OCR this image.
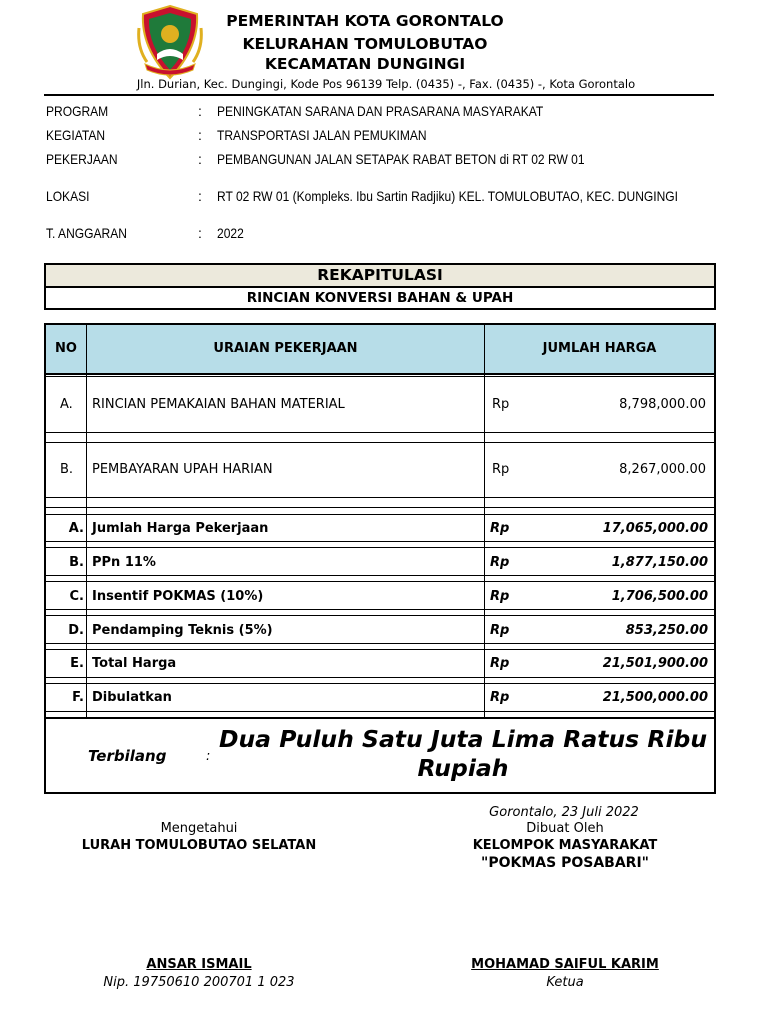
PEMERINTAH KOTA GORONTALO
KELURAHAN TOMULOBUTAO
KECAMATAN DUNGINGI
Jln. Durian, Kec. Dungingi, Kode Pos 96139 Telp. (0435) -, Fax. (0435) -, Kota Gorontalo
PROGRAM	: PENINGKATAN SARANA DAN PRASARANA MASYARAKAT
KEGIATAN	: TRANSPORTASI JALAN PEMUKIMAN
PEKERJAAN	: PEMBANGUNAN JALAN SETAPAK RABAT BETON di RT 02 RW 01
LOKASI	: RT 02 RW 01 (Kompleks. Ibu Sartin Radjiku) KEL. TOMULOBUTAO, KEC. DUNGINGI
T. ANGGARAN	: 2022
REKAPITULASI
RINCIAN KONVERSI BAHAN & UPAH
NO	URAIAN PEKERJAAN	JUMLAH HARGA
A. RINCIAN PEMAKAIAN BAHAN MATERIAL	Rp	8,798,000.00
B. PEMBAYARAN UPAH HARIAN	Rp	8,267,000.00
A. Jumlah Harga Pekerjaan	Rp	17,065,000.00
B. PPn 11%	Rp	1,877,150.00
C. Insentif POKMAS (10%)	Rp	1,706,500.00
D. Pendamping Teknis (5%)	Rp	853,250.00
E. Total Harga	Rp	21,501,900.00
F. Dibulatkan	Rp	21,500,000.00
Terbilang	:
Dua Puluh Satu Juta Lima Ratus Ribu
Rupiah
Gorontalo, 23 Juli 2022
Mengetahui
LURAH TOMULOBUTAO SELATAN
ANSAR ISMAIL
Nip. 19750610 200701 1 023
Dibuat Oleh
KELOMPOK MASYARAKAT
"POKMAS POSABARI"
MOHAMAD SAIFUL KARIM
Ketua
